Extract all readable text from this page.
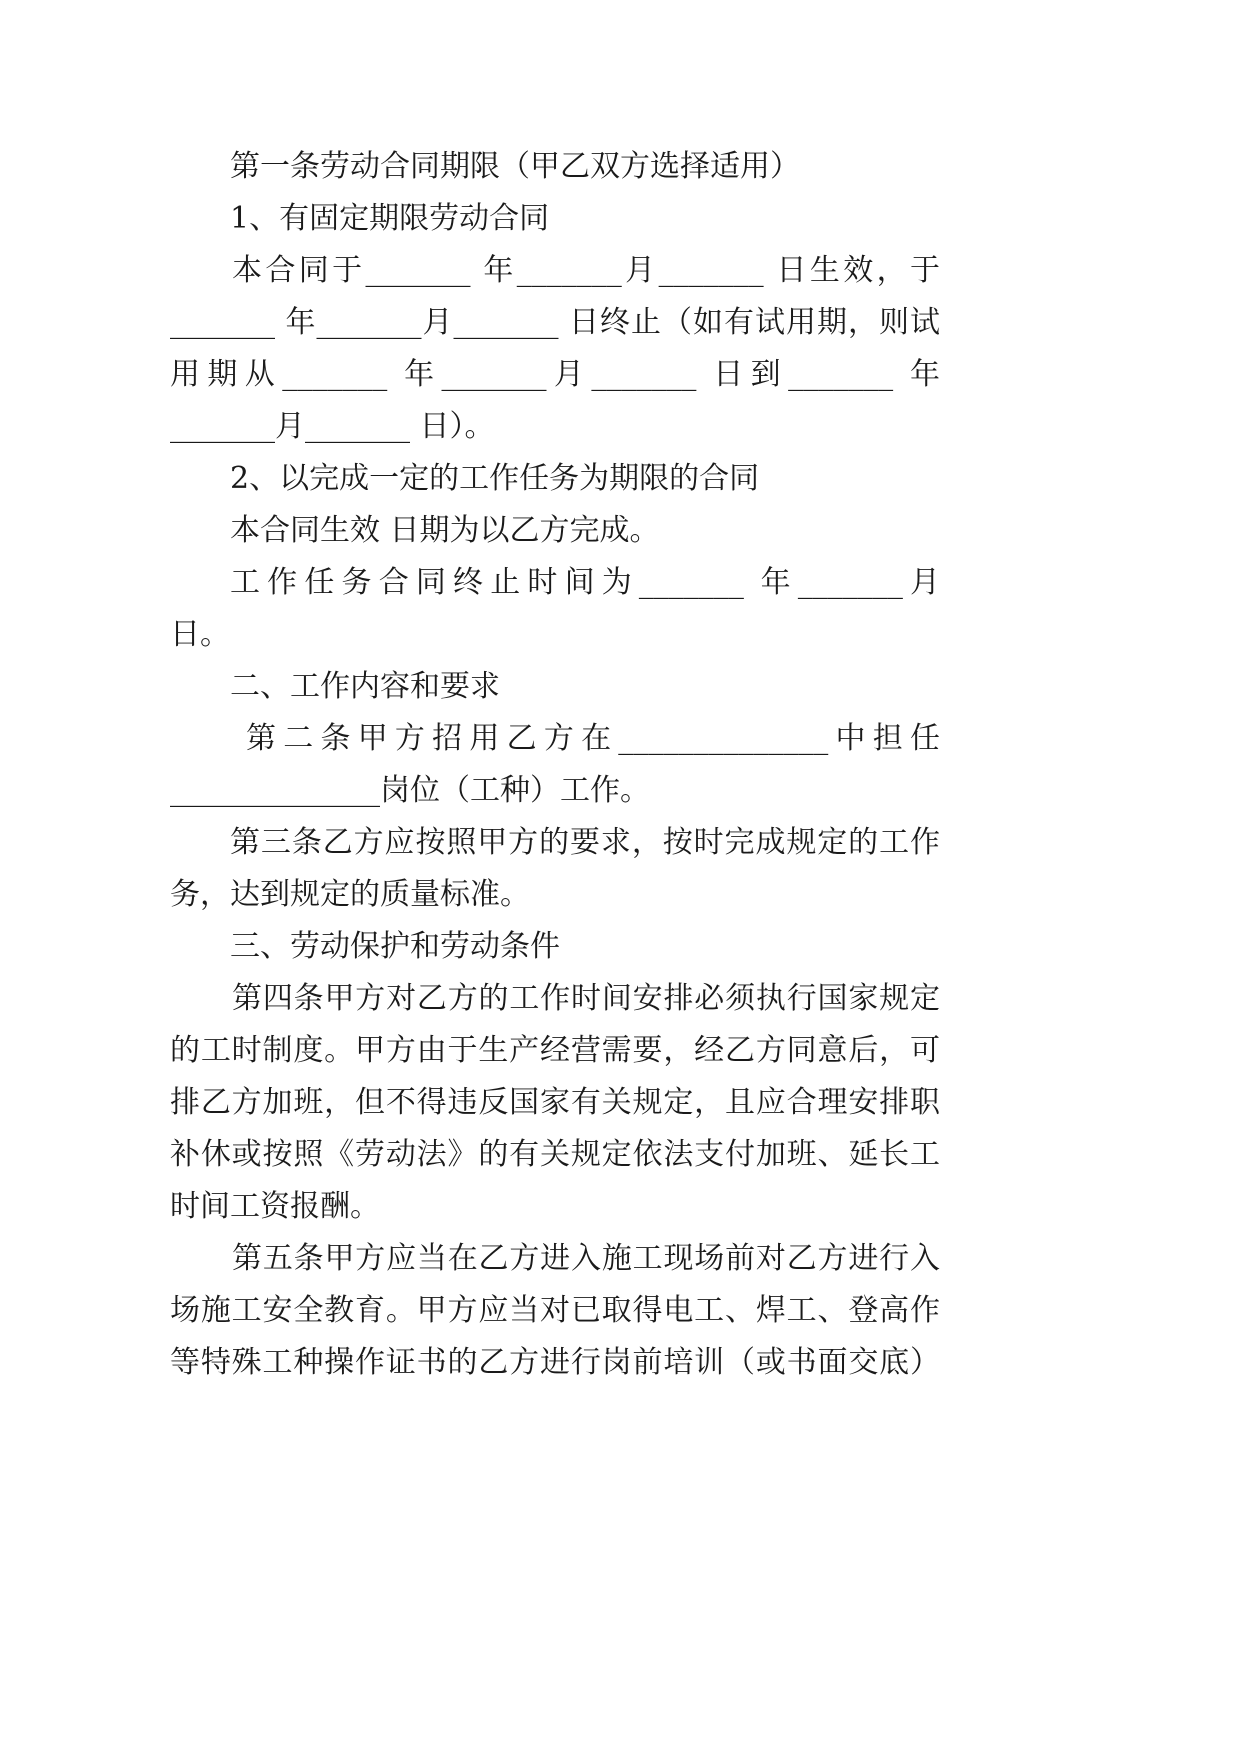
第一条劳动合同期限（甲乙双方选择适用）
1、有固定期限劳动合同
本合同于_______ 年_______月_______ 日生效，于
_______ 年_______月_______ 日终止（如有试用期，则试
用期从_______ 年_______月_______ 日到_______ 年
_______月_______ 日）。
2、以完成一定的工作任务为期限的合同
本合同生效 日期为以乙方完成。
工作任务合同终止时间为_______ 年_______月
日。
二、工作内容和要求
第二条甲方招用乙方在______________中担任
______________岗位（工种）工作。
第三条乙方应按照甲方的要求，按时完成规定的工作
务，达到规定的质量标准。
三、劳动保护和劳动条件
第四条甲方对乙方的工作时间安排必须执行国家规定
的工时制度。甲方由于生产经营需要，经乙方同意后，可
排乙方加班，但不得违反国家有关规定，且应合理安排职
补休或按照《劳动法》的有关规定依法支付加班、延长工
时间工资报酬。
第五条甲方应当在乙方进入施工现场前对乙方进行入
场施工安全教育。甲方应当对已取得电工、焊工、登高作
等特殊工种操作证书的乙方进行岗前培训（或书面交底）
